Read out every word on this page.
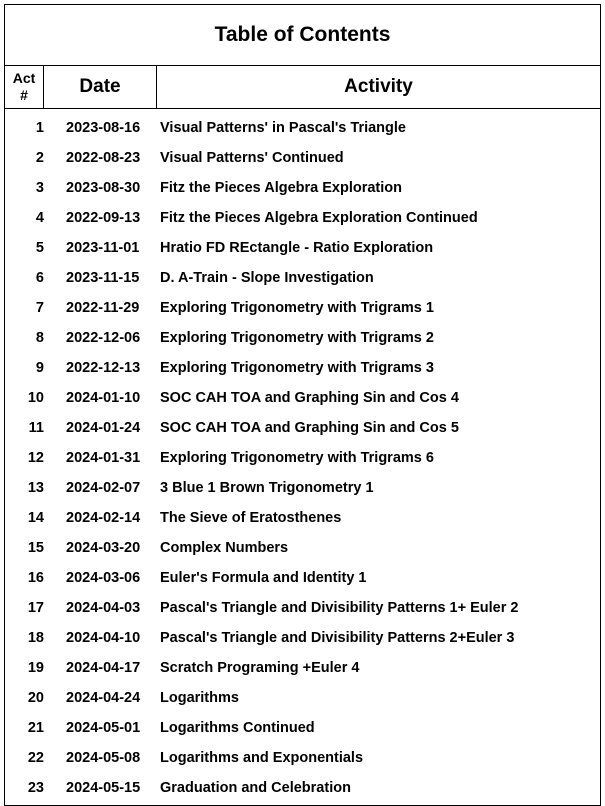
Table of Contents
Act
#	Date	Activity
1	2023-08-16	Visual Patterns' in Pascal's Triangle
2	2022-08-23	Visual Patterns' Continued
3	2023-08-30	Fitz the Pieces Algebra Exploration
4	2022-09-13	Fitz the Pieces Algebra Exploration Continued
5	2023-11-01	Hratio FD REctangle - Ratio Exploration
6	2023-11-15	D. A-Train - Slope Investigation
7	2022-11-29	Exploring Trigonometry with Trigrams 1
8	2022-12-06	Exploring Trigonometry with Trigrams 2
9	2022-12-13	Exploring Trigonometry with Trigrams 3
10	2024-01-10	SOC CAH TOA and Graphing Sin and Cos 4
11	2024-01-24	SOC CAH TOA and Graphing Sin and Cos 5
12	2024-01-31	Exploring Trigonometry with Trigrams 6
13	2024-02-07	3 Blue 1 Brown Trigonometry 1
14	2024-02-14	The Sieve of Eratosthenes
15	2024-03-20	Complex Numbers
16	2024-03-06	Euler's Formula and Identity 1
17	2024-04-03	Pascal's Triangle and Divisibility Patterns 1+ Euler 2
18	2024-04-10	Pascal's Triangle and Divisibility Patterns 2+Euler 3
19	2024-04-17	Scratch Programing +Euler 4
20	2024-04-24	Logarithms
21	2024-05-01	Logarithms Continued
22	2024-05-08	Logarithms and Exponentials
23	2024-05-15	Graduation and Celebration
